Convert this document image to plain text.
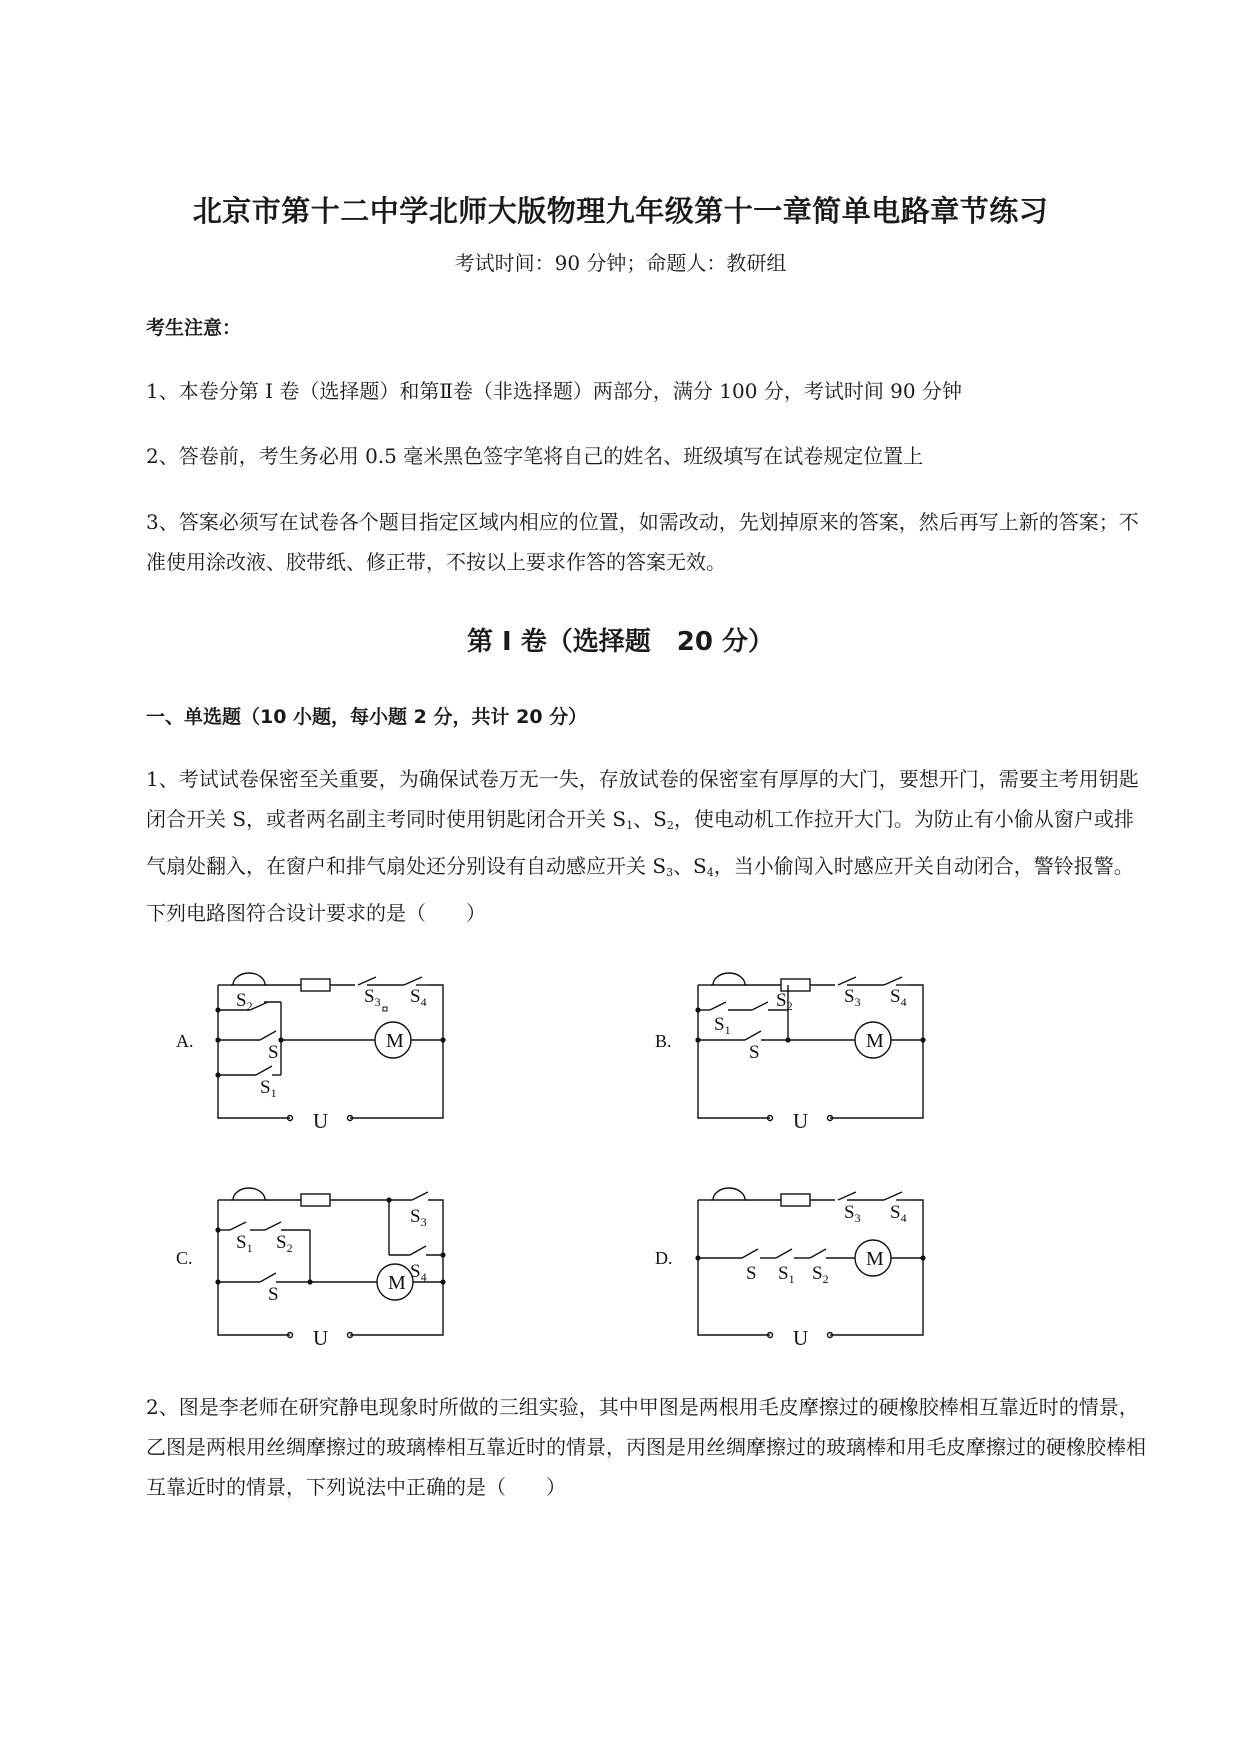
北京市第十二中学北师大版物理九年级第十一章简单电路章节练习
考试时间：90 分钟；命题人：教研组
考生注意：
1、本卷分第 I 卷（选择题）和第Ⅱ卷（非选择题）两部分，满分 100 分，考试时间 90 分钟
2、答卷前，考生务必用 0.5 毫米黑色签字笔将自己的姓名、班级填写在试卷规定位置上
3、答案必须写在试卷各个题目指定区域内相应的位置，如需改动，先划掉原来的答案，然后再写上新的答案；不准使用涂改液、胶带纸、修正带，不按以上要求作答的答案无效。
第 I 卷（选择题　20 分）
一、单选题（10 小题，每小题 2 分，共计 20 分）
1、考试试卷保密至关重要，为确保试卷万无一失，存放试卷的保密室有厚厚的大门，要想开门，需要主考用钥匙闭合开关 S，或者两名副主考同时使用钥匙闭合开关 $S_1$、$S_2$，使电动机工作拉开大门。为防止有小偷从窗户或排气扇处翻入，在窗户和排气扇处还分别设有自动感应开关 $S_3$、$S_4$，当小偷闯入时感应开关自动闭合，警铃报警。下列电路图符合设计要求的是（　　）
A.	B.
C.	D.
$S_2$	$S_3$ $S_4$
S
$S_1$
M
U
$S_1$
$S_2$	$S_3$ $S_4$
S
M
U
$S_1$ $S_2$
$S_3$
$S_4$
S
M
U
$S_3$ $S_4$
S $S_1$ $S_2$
M
U
2、图是李老师在研究静电现象时所做的三组实验，其中甲图是两根用毛皮摩擦过的硬橡胶棒相互靠近时的情景，乙图是两根用丝绸摩擦过的玻璃棒相互靠近时的情景，丙图是用丝绸摩擦过的玻璃棒和用毛皮摩擦过的硬橡胶棒相互靠近时的情景，下列说法中正确的是（　　）
